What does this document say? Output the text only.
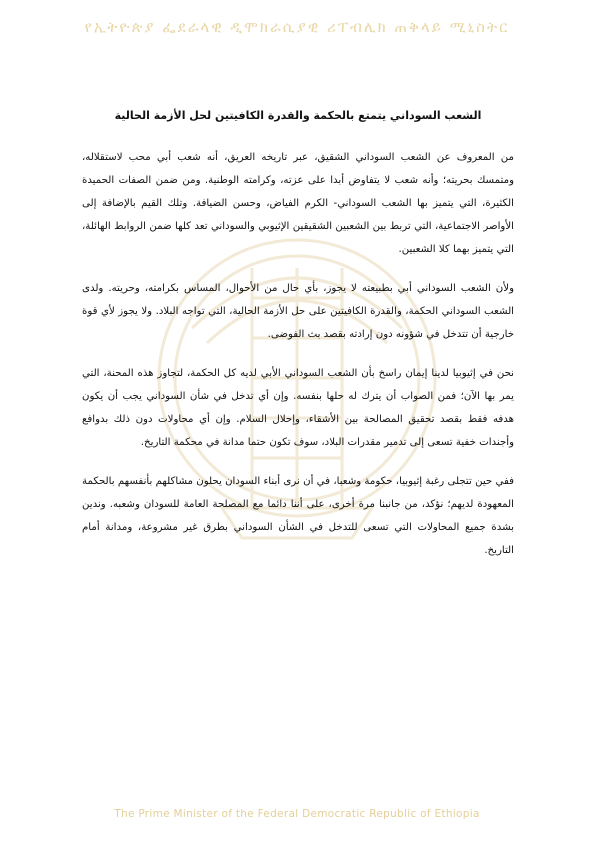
የኢትዮጵያ ፌደራላዊ ዲሞክራሲያዊ ሪፐብሊክ ጠቅላይ ሚኒስትር
الشعب السوداني يتمتع بالحكمة والقدرة الكافيتين لحل الأزمة الحالية

من المعروف عن الشعب السوداني الشقيق، عبر تاريخه العريق، أنه شعب أبي محب لاستقلاله، ومتمسك بحريته؛ وأنه شعب لا يتفاوض أبدا على عزته، وكرامته الوطنية. ومن ضمن الصفات الحميدة الكثيرة، التي يتميز بها الشعب السوداني- الكرم الفياض، وحسن الضيافة. وتلك القيم بالإضافة إلى الأواصر الاجتماعية، التي تربط بين الشعبين الشقيقين الإثيوبي والسوداني تعد كلها ضمن الروابط الهائلة، التي يتميز بهما كلا الشعبين.

ولأن الشعب السوداني أبي بطبيعته لا يجوز، بأي حال من الأحوال، المساس بكرامته، وحريته. ولدى الشعب السوداني الحكمة، والقدرة الكافيتين على حل الأزمة الحالية، التي تواجه البلاد. ولا يجوز لأي قوة خارجية أن تتدخل في شؤونه دون إرادته بقصد بث الفوضى.

نحن في إثيوبيا لدينا إيمان راسخ بأن الشعب السوداني الأبي لديه كل الحكمة، لتجاوز هذه المحنة، التي يمر بها الآن؛ فمن الصواب أن يترك له حلها بنفسه. وإن أي تدخل في شأن السوداني يجب أن يكون هدفه فقط بقصد تحقيق المصالحة بين الأشقاء، وإحلال السلام. وإن أي محاولات دون ذلك بدوافع وأجندات خفية تسعى إلى تدمير مقدرات البلاد، سوف تكون حتما مدانة في محكمة التاريخ.

ففي حين تتجلى رغبة إثيوبيا، حكومة وشعبا، في أن نرى أبناء السودان يحلون مشاكلهم بأنفسهم بالحكمة المعهودة لديهم؛ نؤكد، من جانبنا مرة أخرى، على أننا دائما مع المصلحة العامة للسودان وشعبه. وندين بشدة جميع المحاولات التي تسعى للتدخل في الشأن السوداني بطرق غير مشروعة، ومدانة أمام التاريخ.

The Prime Minister of the Federal Democratic Republic of Ethiopia
